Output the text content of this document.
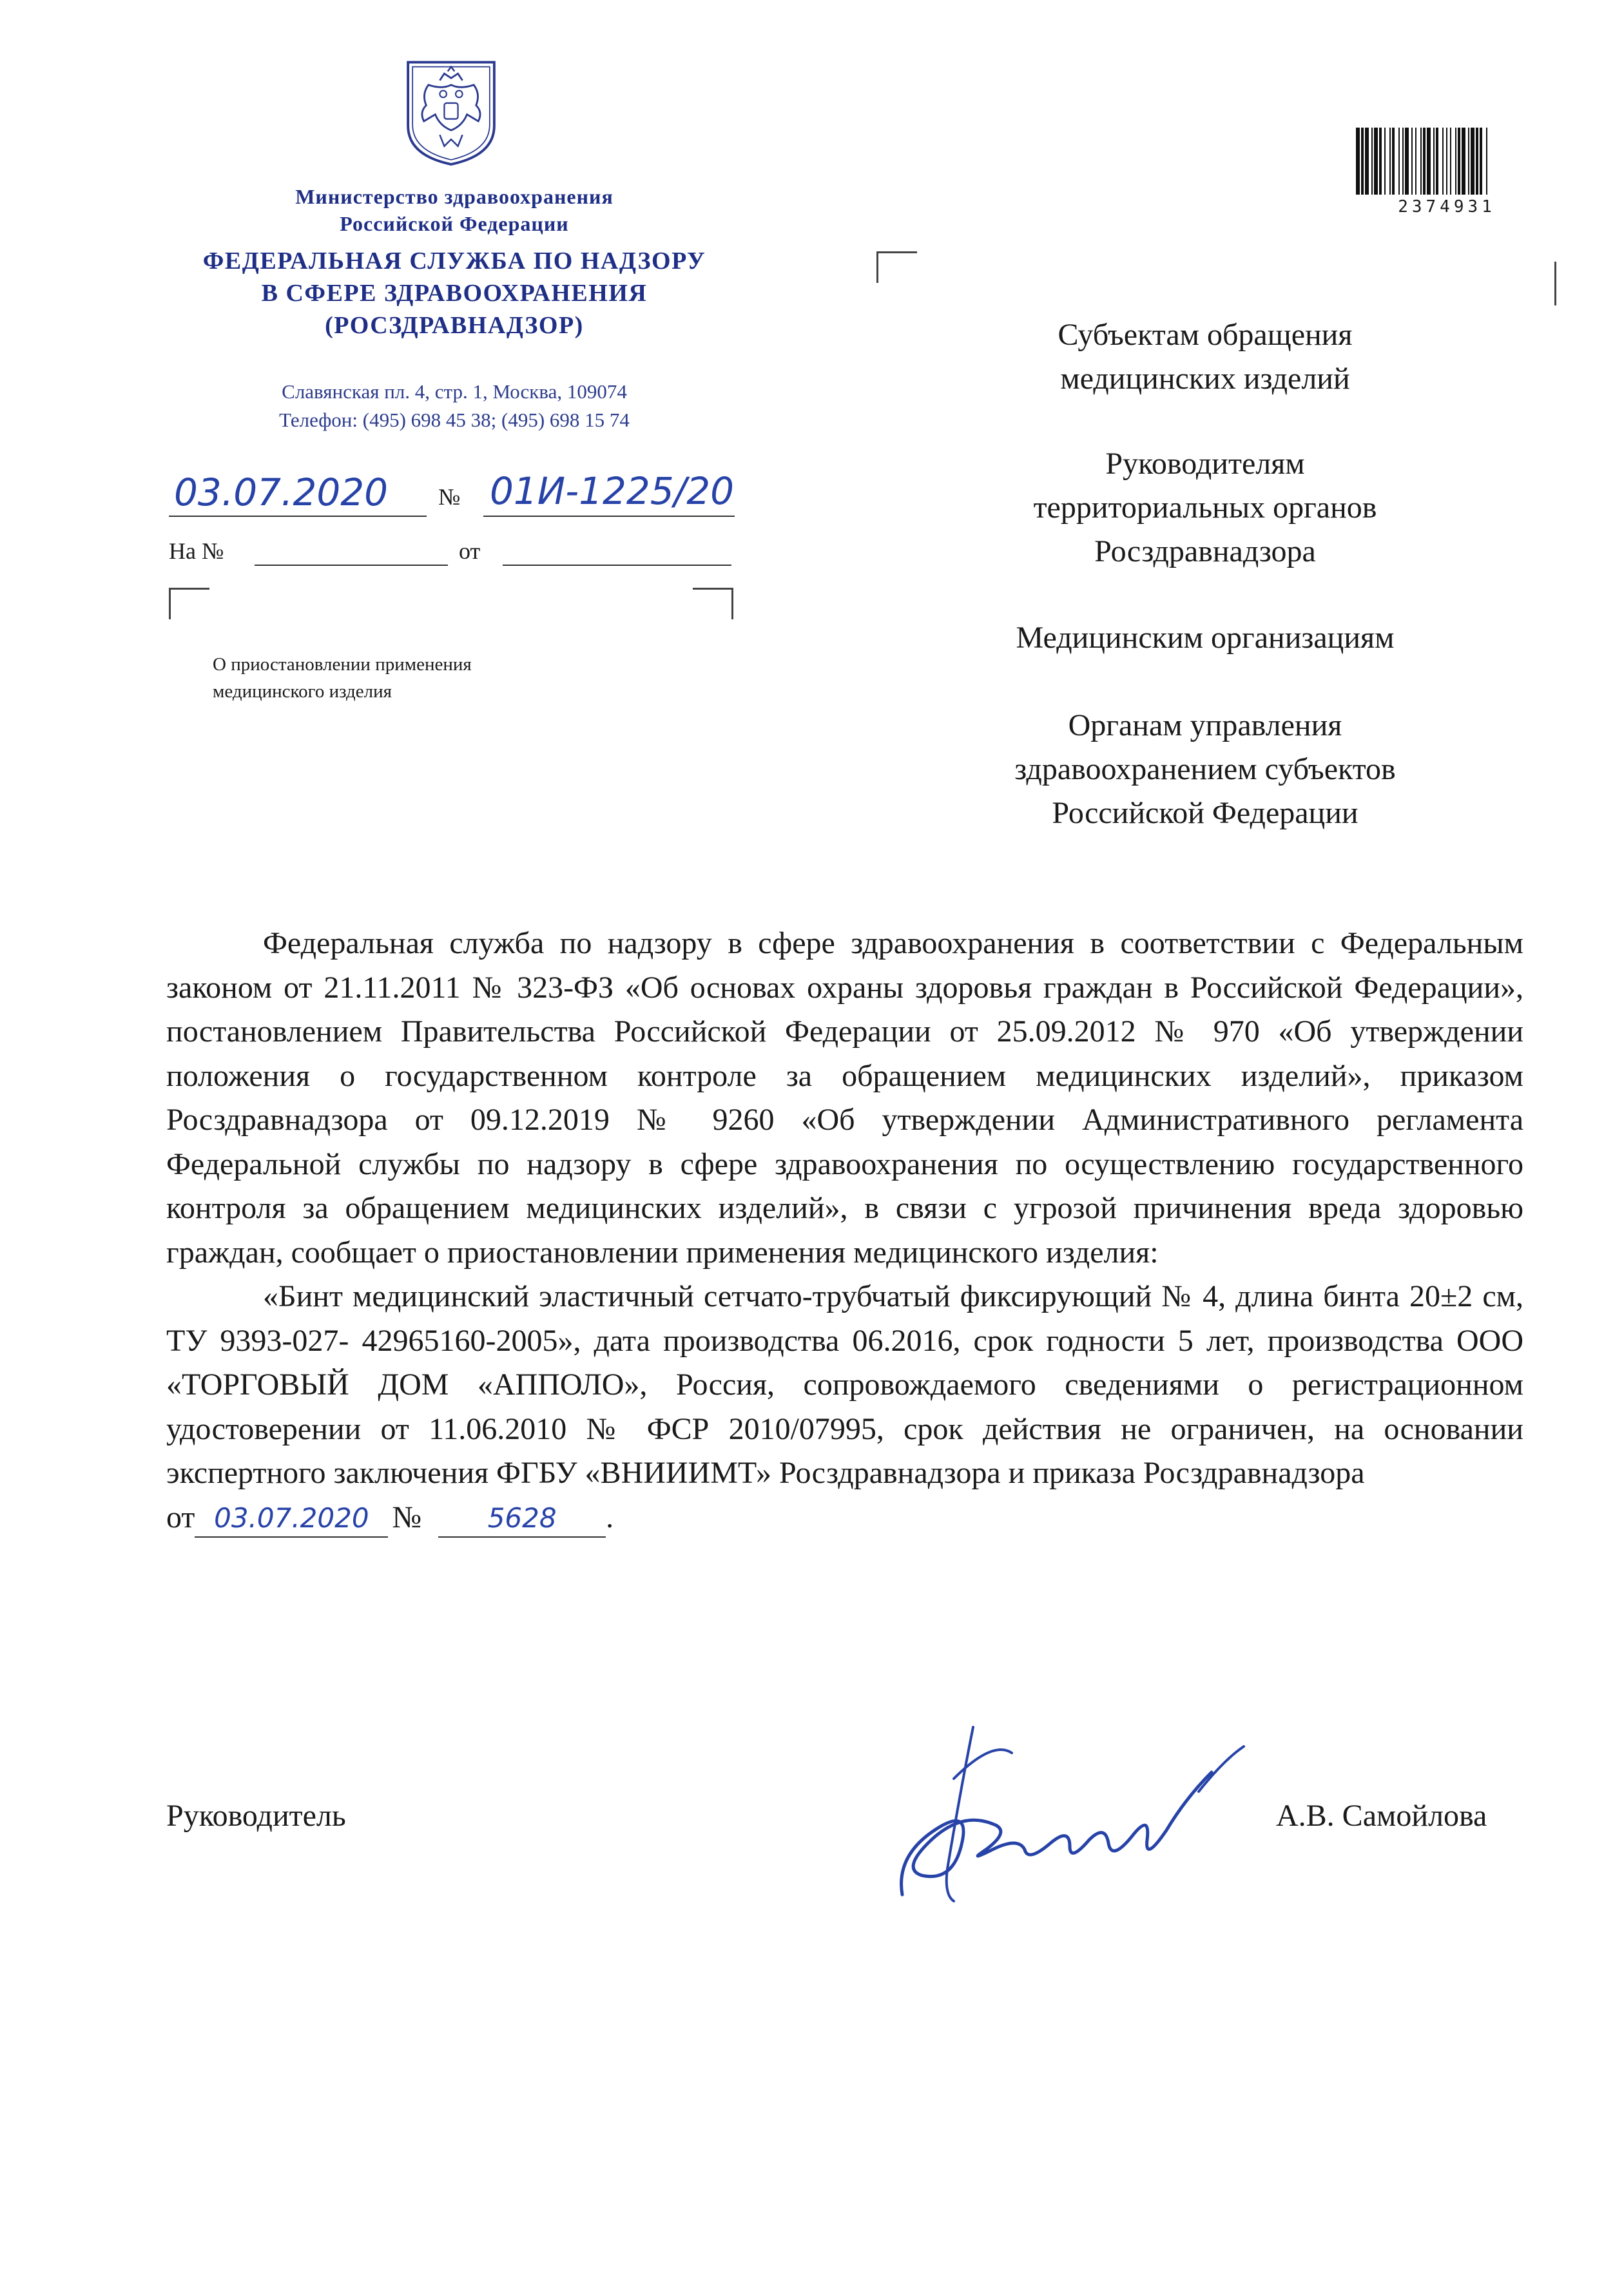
Министерство здравоохранения
Российской Федерации
ФЕДЕРАЛЬНАЯ СЛУЖБА ПО НАДЗОРУ
В СФЕРЕ ЗДРАВООХРАНЕНИЯ
(РОСЗДРАВНАДЗОР)
Славянская пл. 4, стр. 1, Москва, 109074
Телефон: (495) 698 45 38; (495) 698 15 74
03.07.2020 № 01И-1225/20
На №	от
О приостановлении применения
медицинского изделия
2374931
Субъектам обращения
медицинских изделий
Руководителям
территориальных органов
Росздравнадзора
Медицинским организациям
Органам управления
здравоохранением субъектов
Российской Федерации

Федеральная служба по надзору в сфере здравоохранения в соответствии с Федеральным законом от 21.11.2011 № 323-ФЗ «Об основах охраны здоровья граждан в Российской Федерации», постановлением Правительства Российской Федерации от 25.09.2012 № 970 «Об утверждении положения о государственном контроле за обращением медицинских изделий», приказом Росздравнадзора от 09.12.2019 № 9260 «Об утверждении Административного регламента Федеральной службы по надзору в сфере здравоохранения по осуществлению государственного контроля за обращением медицинских изделий», в связи с угрозой причинения вреда здоровью граждан, сообщает о приостановлении применения медицинского изделия:

«Бинт медицинский эластичный сетчато-трубчатый фиксирующий № 4, длина бинта 20±2 см, ТУ 9393-027- 42965160-2005», дата производства 06.2016, срок годности 5 лет, производства ООО «ТОРГОВЫЙ ДОМ «АППОЛО», Россия, сопровождаемого сведениями о регистрационном удостоверении от 11.06.2010 № ФСР 2010/07995, срок действия не ограничен, на основании экспертного заключения ФГБУ «ВНИИИМТ» Росздравнадзора и приказа Росздравнадзора

от 03.07.2020 № 5628 .

Руководитель	А.В. Самойлова
